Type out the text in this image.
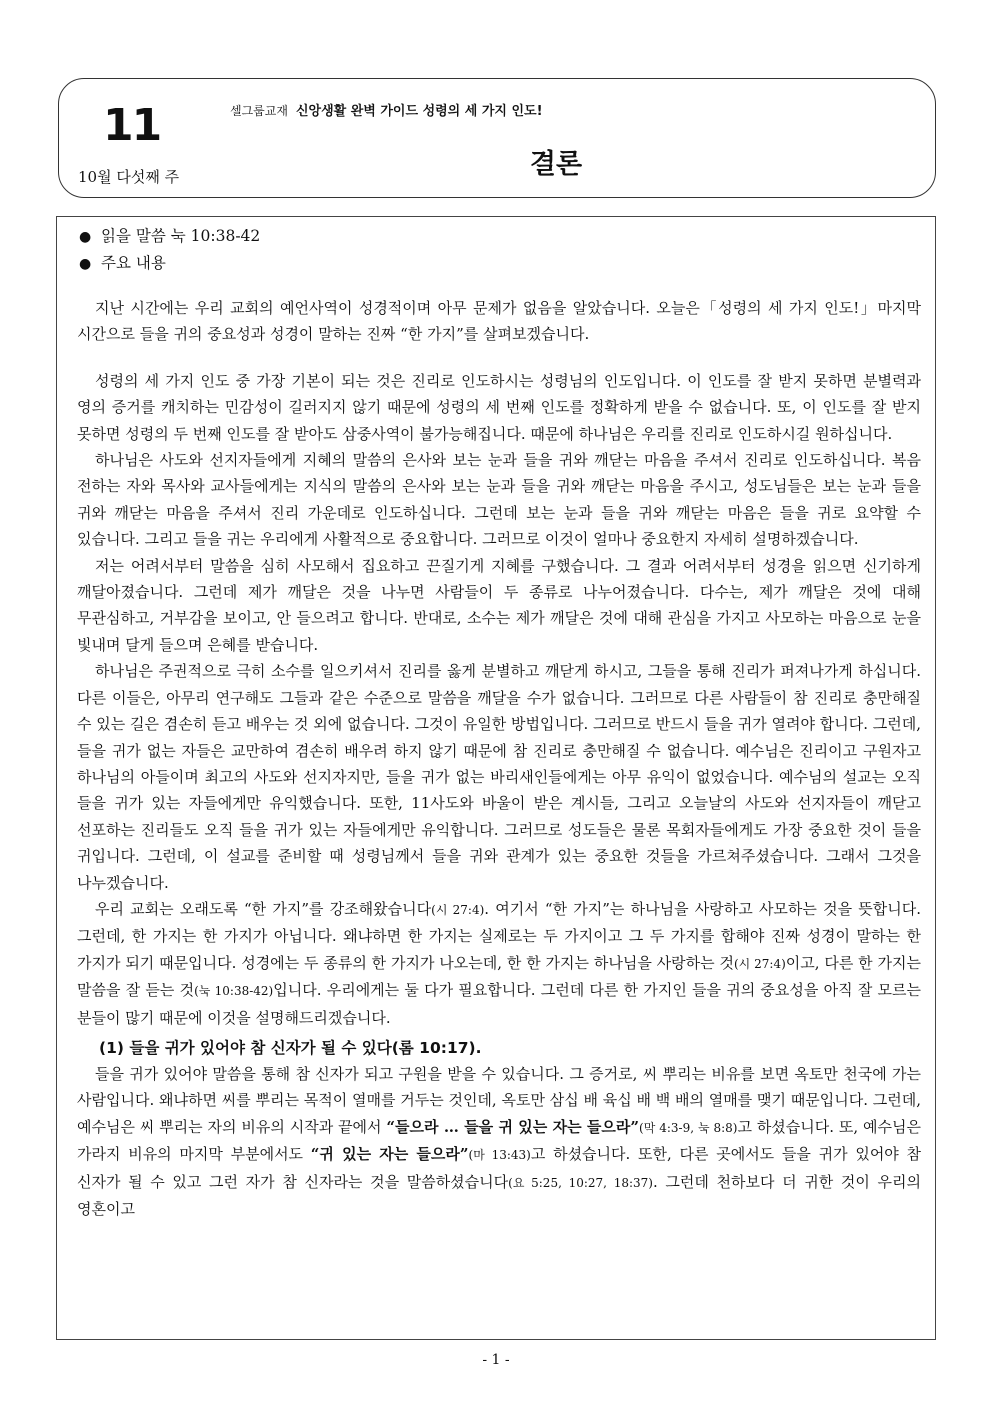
11
10월 다섯째 주
셀그룹교재 신앙생활 완벽 가이드 성령의 세 가지 인도!
결론
● 읽을 말씀 눅 10:38-42
● 주요 내용

지난 시간에는 우리 교회의 예언사역이 성경적이며 아무 문제가 없음을 알았습니다. 오늘은「성령의 세 가지 인도!」마지막 시간으로 들을 귀의 중요성과 성경이 말하는 진짜 “한 가지”를 살펴보겠습니다.

성령의 세 가지 인도 중 가장 기본이 되는 것은 진리로 인도하시는 성령님의 인도입니다. 이 인도를 잘 받지 못하면 분별력과 영의 증거를 캐치하는 민감성이 길러지지 않기 때문에 성령의 세 번째 인도를 정확하게 받을 수 없습니다. 또, 이 인도를 잘 받지 못하면 성령의 두 번째 인도를 잘 받아도 삼중사역이 불가능해집니다. 때문에 하나님은 우리를 진리로 인도하시길 원하십니다.

하나님은 사도와 선지자들에게 지혜의 말씀의 은사와 보는 눈과 들을 귀와 깨닫는 마음을 주셔서 진리로 인도하십니다. 복음 전하는 자와 목사와 교사들에게는 지식의 말씀의 은사와 보는 눈과 들을 귀와 깨닫는 마음을 주시고, 성도님들은 보는 눈과 들을 귀와 깨닫는 마음을 주셔서 진리 가운데로 인도하십니다. 그런데 보는 눈과 들을 귀와 깨닫는 마음은 들을 귀로 요약할 수 있습니다. 그리고 들을 귀는 우리에게 사활적으로 중요합니다. 그러므로 이것이 얼마나 중요한지 자세히 설명하겠습니다.

저는 어려서부터 말씀을 심히 사모해서 집요하고 끈질기게 지혜를 구했습니다. 그 결과 어려서부터 성경을 읽으면 신기하게 깨달아졌습니다. 그런데 제가 깨달은 것을 나누면 사람들이 두 종류로 나누어졌습니다. 다수는, 제가 깨달은 것에 대해 무관심하고, 거부감을 보이고, 안 들으려고 합니다. 반대로, 소수는 제가 깨달은 것에 대해 관심을 가지고 사모하는 마음으로 눈을 빛내며 달게 들으며 은혜를 받습니다.

하나님은 주권적으로 극히 소수를 일으키셔서 진리를 옳게 분별하고 깨닫게 하시고, 그들을 통해 진리가 퍼져나가게 하십니다. 다른 이들은, 아무리 연구해도 그들과 같은 수준으로 말씀을 깨달을 수가 없습니다. 그러므로 다른 사람들이 참 진리로 충만해질 수 있는 길은 겸손히 듣고 배우는 것 외에 없습니다. 그것이 유일한 방법입니다. 그러므로 반드시 들을 귀가 열려야 합니다. 그런데, 들을 귀가 없는 자들은 교만하여 겸손히 배우려 하지 않기 때문에 참 진리로 충만해질 수 없습니다. 예수님은 진리이고 구원자고 하나님의 아들이며 최고의 사도와 선지자지만, 들을 귀가 없는 바리새인들에게는 아무 유익이 없었습니다. 예수님의 설교는 오직 들을 귀가 있는 자들에게만 유익했습니다. 또한, 11사도와 바울이 받은 계시들, 그리고 오늘날의 사도와 선지자들이 깨닫고 선포하는 진리들도 오직 들을 귀가 있는 자들에게만 유익합니다. 그러므로 성도들은 물론 목회자들에게도 가장 중요한 것이 들을 귀입니다. 그런데, 이 설교를 준비할 때 성령님께서 들을 귀와 관계가 있는 중요한 것들을 가르쳐주셨습니다. 그래서 그것을 나누겠습니다.

우리 교회는 오래도록 “한 가지”를 강조해왔습니다(시 27:4). 여기서 “한 가지”는 하나님을 사랑하고 사모하는 것을 뜻합니다. 그런데, 한 가지는 한 가지가 아닙니다. 왜냐하면 한 가지는 실제로는 두 가지이고 그 두 가지를 합해야 진짜 성경이 말하는 한 가지가 되기 때문입니다. 성경에는 두 종류의 한 가지가 나오는데, 한 한 가지는 하나님을 사랑하는 것(시 27:4)이고, 다른 한 가지는 말씀을 잘 듣는 것(눅 10:38-42)입니다. 우리에게는 둘 다가 필요합니다. 그런데 다른 한 가지인 들을 귀의 중요성을 아직 잘 모르는 분들이 많기 때문에 이것을 설명해드리겠습니다.

(1) 들을 귀가 있어야 참 신자가 될 수 있다(롬 10:17).

들을 귀가 있어야 말씀을 통해 참 신자가 되고 구원을 받을 수 있습니다. 그 증거로, 씨 뿌리는 비유를 보면 옥토만 천국에 가는 사람입니다. 왜냐하면 씨를 뿌리는 목적이 열매를 거두는 것인데, 옥토만 삼십 배 육십 배 백 배의 열매를 맺기 때문입니다. 그런데, 예수님은 씨 뿌리는 자의 비유의 시작과 끝에서 “들으라 … 들을 귀 있는 자는 들으라”(막 4:3-9, 눅 8:8)고 하셨습니다. 또, 예수님은 가라지 비유의 마지막 부분에서도 “귀 있는 자는 들으라”(마 13:43)고 하셨습니다. 또한, 다른 곳에서도 들을 귀가 있어야 참 신자가 될 수 있고 그런 자가 참 신자라는 것을 말씀하셨습니다(요 5:25, 10:27, 18:37). 그런데 천하보다 더 귀한 것이 우리의 영혼이고

- 1 -
